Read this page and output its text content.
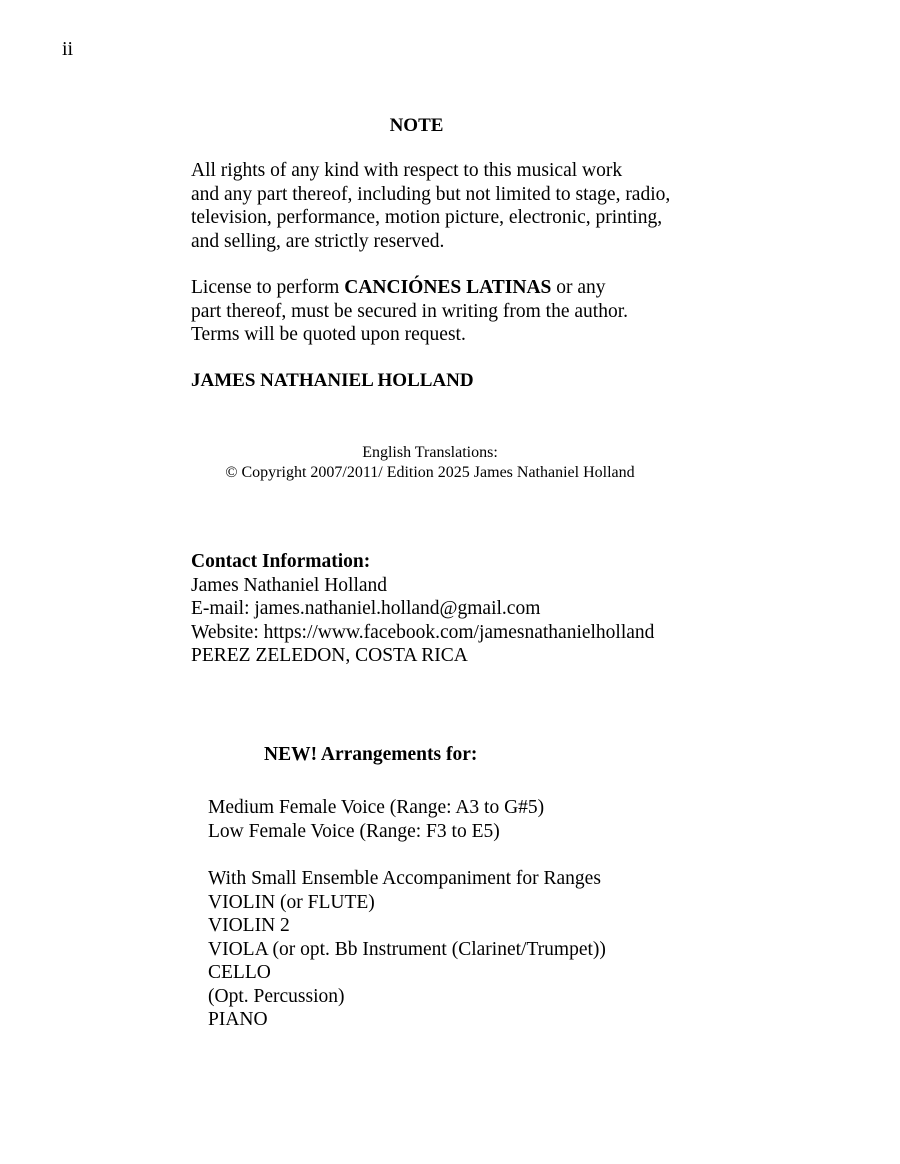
ii
NOTE
All rights of any kind with respect to this musical work
and any part thereof, including but not limited to stage, radio,
television, performance, motion picture, electronic, printing,
and selling, are strictly reserved.
License to perform CANCIÓNES LATINAS or any
part thereof, must be secured in writing from the author.
Terms will be quoted upon request.
JAMES NATHANIEL HOLLAND
English Translations:
© Copyright 2007/2011/ Edition 2025 James Nathaniel Holland
Contact Information:
James Nathaniel Holland
E-mail: james.nathaniel.holland@gmail.com
Website: https://www.facebook.com/jamesnathanielholland
PEREZ ZELEDON, COSTA RICA
NEW! Arrangements for:
Medium Female Voice (Range: A3 to G#5)
Low Female Voice (Range: F3 to E5)
With Small Ensemble Accompaniment for Ranges
VIOLIN (or FLUTE)
VIOLIN 2
VIOLA (or opt. Bb Instrument (Clarinet/Trumpet))
CELLO
(Opt. Percussion)
PIANO
